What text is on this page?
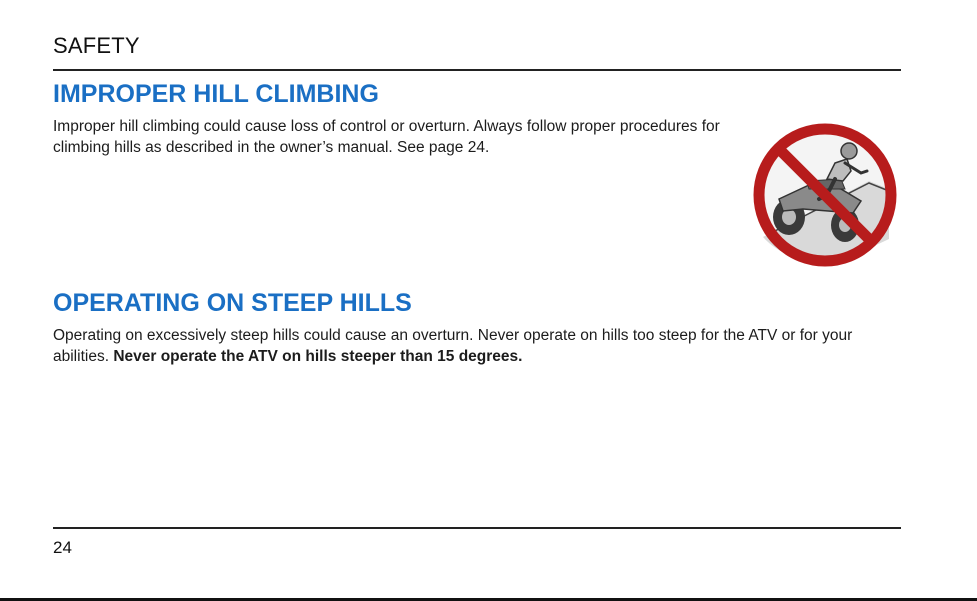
SAFETY
IMPROPER HILL CLIMBING
Improper hill climbing could cause loss of control or overturn. Always follow proper procedures for climbing hills as described in the owner’s manual. See page 24.
OPERATING ON STEEP HILLS
Operating on excessively steep hills could cause an overturn. Never operate on hills too steep for the ATV or for your abilities. Never operate the ATV on hills steeper than 15 degrees.
24
